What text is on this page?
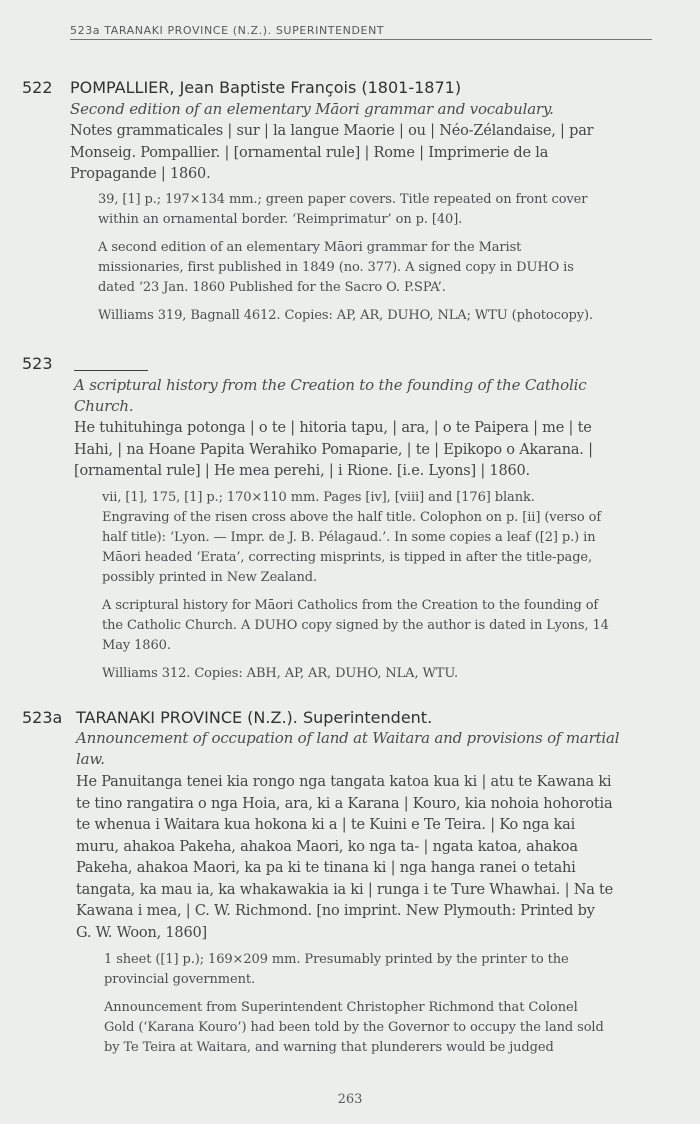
523a TARANAKI PROVINCE (N.Z.). SUPERINTENDENT
522 POMPALLIER, Jean Baptiste François (1801-1871)

Second edition of an elementary Māori grammar and vocabulary.

Notes grammaticales | sur | la langue Maorie | ou | Néo-Zélandaise, | par

Monseig. Pompallier. | [ornamental rule] | Rome | Imprimerie de la

Propagande | 1860.

39, [1] p.; 197×134 mm.; green paper covers. Title repeated on front cover

within an ornamental border. ‘Reimprimatur’ on p. [40].

A second edition of an elementary Māori grammar for the Marist

missionaries, first published in 1849 (no. 377). A signed copy in DUHO is

dated ‘23 Jan. 1860 Published for the Sacro O. P.SPA’.

Williams 319, Bagnall 4612. Copies: AP, AR, DUHO, NLA; WTU (photocopy).

523

A scriptural history from the Creation to the founding of the Catholic

Church.

He tuhituhinga potonga | o te | hitoria tapu, | ara, | o te Paipera | me | te

Hahi, | na Hoane Papita Werahiko Pomaparie, | te | Epikopo o Akarana. |

[ornamental rule] | He mea perehi, | i Rione. [i.e. Lyons] | 1860.

vii, [1], 175, [1] p.; 170×110 mm. Pages [iv], [viii] and [176] blank.

Engraving of the risen cross above the half title. Colophon on p. [ii] (verso of

half title): ‘Lyon. — Impr. de J. B. Pélagaud.’. In some copies a leaf ([2] p.) in

Māori headed ‘Erata’, correcting misprints, is tipped in after the title-page,

possibly printed in New Zealand.

A scriptural history for Māori Catholics from the Creation to the founding of

the Catholic Church. A DUHO copy signed by the author is dated in Lyons, 14

May 1860.

Williams 312. Copies: ABH, AP, AR, DUHO, NLA, WTU.

523a TARANAKI PROVINCE (N.Z.). Superintendent.

Announcement of occupation of land at Waitara and provisions of martial

law.

He Panuitanga tenei kia rongo nga tangata katoa kua ki | atu te Kawana ki

te tino rangatira o nga Hoia, ara, ki a Karana | Kouro, kia nohoia hohorotia

te whenua i Waitara kua hokona ki a | te Kuini e Te Teira. | Ko nga kai

muru, ahakoa Pakeha, ahakoa Maori, ko nga ta- | ngata katoa, ahakoa

Pakeha, ahakoa Maori, ka pa ki te tinana ki | nga hanga ranei o tetahi

tangata, ka mau ia, ka whakawakia ia ki | runga i te Ture Whawhai. | Na te

Kawana i mea, | C. W. Richmond. [no imprint. New Plymouth: Printed by

G. W. Woon, 1860]

1 sheet ([1] p.); 169×209 mm. Presumably printed by the printer to the

provincial government.

Announcement from Superintendent Christopher Richmond that Colonel

Gold (‘Karana Kouro’) had been told by the Governor to occupy the land sold

by Te Teira at Waitara, and warning that plunderers would be judged

263
